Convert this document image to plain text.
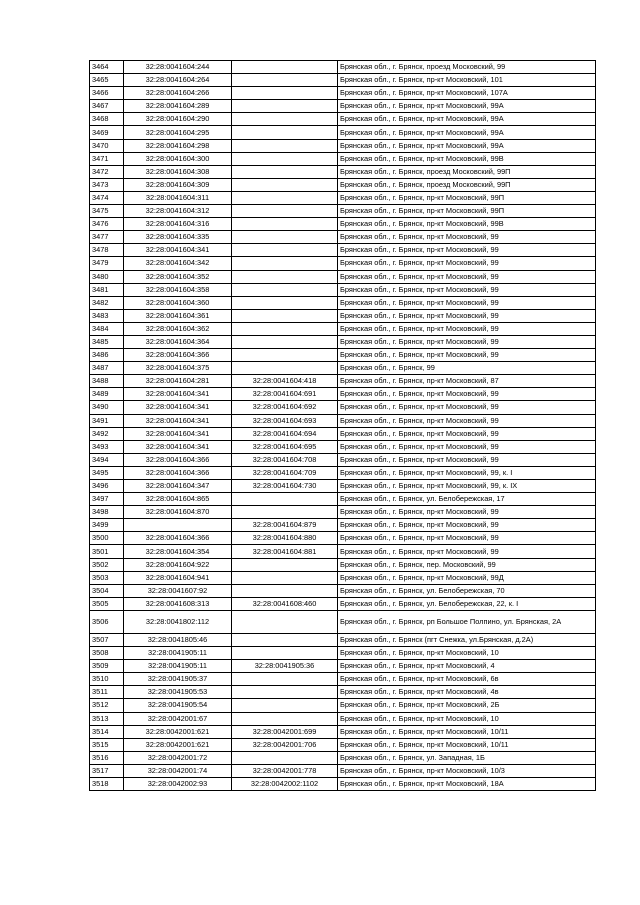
3464	32:28:0041604:244		Брянская обл., г. Брянск, проезд Московский, 99
3465	32:28:0041604:264		Брянская обл., г. Брянск, пр-кт Московский, 101
3466	32:28:0041604:266		Брянская обл., г. Брянск, пр-кт Московский, 107А
3467	32:28:0041604:289		Брянская обл., г. Брянск, пр-кт Московский, 99А
3468	32:28:0041604:290		Брянская обл., г. Брянск, пр-кт Московский, 99А
3469	32:28:0041604:295		Брянская обл., г. Брянск, пр-кт Московский, 99А
3470	32:28:0041604:298		Брянская обл., г. Брянск, пр-кт Московский, 99А
3471	32:28:0041604:300		Брянская обл., г. Брянск, пр-кт Московский, 99В
3472	32:28:0041604:308		Брянская обл., г. Брянск, проезд Московский, 99П
3473	32:28:0041604:309		Брянская обл., г. Брянск, проезд Московский, 99П
3474	32:28:0041604:311		Брянская обл., г. Брянск, пр-кт Московский, 99П
3475	32:28:0041604:312		Брянская обл., г. Брянск, пр-кт Московский, 99П
3476	32:28:0041604:316		Брянская обл., г. Брянск, пр-кт Московский, 99В
3477	32:28:0041604:335		Брянская обл., г. Брянск, пр-кт Московский, 99
3478	32:28:0041604:341		Брянская обл., г. Брянск, пр-кт Московский, 99
3479	32:28:0041604:342		Брянская обл., г. Брянск, пр-кт Московский, 99
3480	32:28:0041604:352		Брянская обл., г. Брянск, пр-кт Московский, 99
3481	32:28:0041604:358		Брянская обл., г. Брянск, пр-кт Московский, 99
3482	32:28:0041604:360		Брянская обл., г. Брянск, пр-кт Московский, 99
3483	32:28:0041604:361		Брянская обл., г. Брянск, пр-кт Московский, 99
3484	32:28:0041604:362		Брянская обл., г. Брянск, пр-кт Московский, 99
3485	32:28:0041604:364		Брянская обл., г. Брянск, пр-кт Московский, 99
3486	32:28:0041604:366		Брянская обл., г. Брянск, пр-кт Московский, 99
3487	32:28:0041604:375		Брянская обл., г. Брянск, 99
3488	32:28:0041604:281	32:28:0041604:418	Брянская обл., г. Брянск, пр-кт Московский, 87
3489	32:28:0041604:341	32:28:0041604:691	Брянская обл., г. Брянск, пр-кт Московский, 99
3490	32:28:0041604:341	32:28:0041604:692	Брянская обл., г. Брянск, пр-кт Московский, 99
3491	32:28:0041604:341	32:28:0041604:693	Брянская обл., г. Брянск, пр-кт Московский, 99
3492	32:28:0041604:341	32:28:0041604:694	Брянская обл., г. Брянск, пр-кт Московский, 99
3493	32:28:0041604:341	32:28:0041604:695	Брянская обл., г. Брянск, пр-кт Московский, 99
3494	32:28:0041604:366	32:28:0041604:708	Брянская обл., г. Брянск, пр-кт Московский, 99
3495	32:28:0041604:366	32:28:0041604:709	Брянская обл., г. Брянск, пр-кт Московский, 99, к. I
3496	32:28:0041604:347	32:28:0041604:730	Брянская обл., г. Брянск, пр-кт Московский, 99, к. IX
3497	32:28:0041604:865		Брянская обл., г. Брянск, ул. Белобережская, 17
3498	32:28:0041604:870		Брянская обл., г. Брянск, пр-кт Московский, 99
3499		32:28:0041604:879	Брянская обл., г. Брянск, пр-кт Московский, 99
3500	32:28:0041604:366	32:28:0041604:880	Брянская обл., г. Брянск, пр-кт Московский, 99
3501	32:28:0041604:354	32:28:0041604:881	Брянская обл., г. Брянск, пр-кт Московский, 99
3502	32:28:0041604:922		Брянская обл., г. Брянск, пер. Московский, 99
3503	32:28:0041604:941		Брянская обл., г. Брянск, пр-кт Московский, 99Д
3504	32:28:0041607:92		Брянская обл., г. Брянск, ул. Белобережская, 70
3505	32:28:0041608:313	32:28:0041608:460	Брянская обл., г. Брянск, ул. Белобережская, 22, к. I
3506	32:28:0041802:112		Брянская обл., г. Брянск, рп Большое Полпино, ул. Брянская, 2А
3507	32:28:0041805:46		Брянская обл., г. Брянск (пгт Снежка, ул.Брянская, д.2А)
3508	32:28:0041905:11		Брянская обл., г. Брянск, пр-кт Московский, 10
3509	32:28:0041905:11	32:28:0041905:36	Брянская обл., г. Брянск, пр-кт Московский, 4
3510	32:28:0041905:37		Брянская обл., г. Брянск, пр-кт Московский, 6в
3511	32:28:0041905:53		Брянская обл., г. Брянск, пр-кт Московский, 4в
3512	32:28:0041905:54		Брянская обл., г. Брянск, пр-кт Московский, 2Б
3513	32:28:0042001:67		Брянская обл., г. Брянск, пр-кт Московский, 10
3514	32:28:0042001:621	32:28:0042001:699	Брянская обл., г. Брянск, пр-кт Московский, 10/11
3515	32:28:0042001:621	32:28:0042001:706	Брянская обл., г. Брянск, пр-кт Московский, 10/11
3516	32:28:0042001:72		Брянская обл., г. Брянск, ул. Западная, 1Б
3517	32:28:0042001:74	32:28:0042001:778	Брянская обл., г. Брянск, пр-кт Московский, 10/3
3518	32:28:0042002:93	32:28:0042002:1102	Брянская обл., г. Брянск, пр-кт Московский, 18А
